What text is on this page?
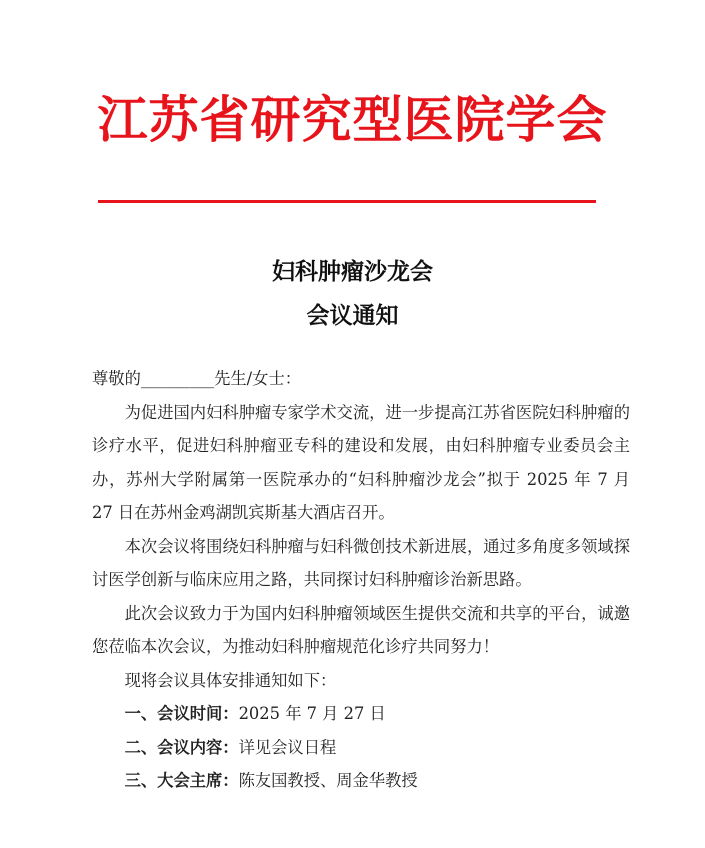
江苏省研究型医院学会
妇科肿瘤沙龙会
会议通知

尊敬的_________先生/女士：

为促进国内妇科肿瘤专家学术交流，进一步提高江苏省医院妇科肿瘤的诊疗水平，促进妇科肿瘤亚专科的建设和发展，由妇科肿瘤专业委员会主办，苏州大学附属第一医院承办的“妇科肿瘤沙龙会”拟于 2025 年 7 月 27 日在苏州金鸡湖凯宾斯基大酒店召开。

本次会议将围绕妇科肿瘤与妇科微创技术新进展，通过多角度多领域探讨医学创新与临床应用之路，共同探讨妇科肿瘤诊治新思路。

此次会议致力于为国内妇科肿瘤领域医生提供交流和共享的平台，诚邀您莅临本次会议，为推动妇科肿瘤规范化诊疗共同努力！

现将会议具体安排通知如下：

一、会议时间：2025 年 7 月 27 日

二、会议内容：详见会议日程

三、大会主席：陈友国教授、周金华教授
